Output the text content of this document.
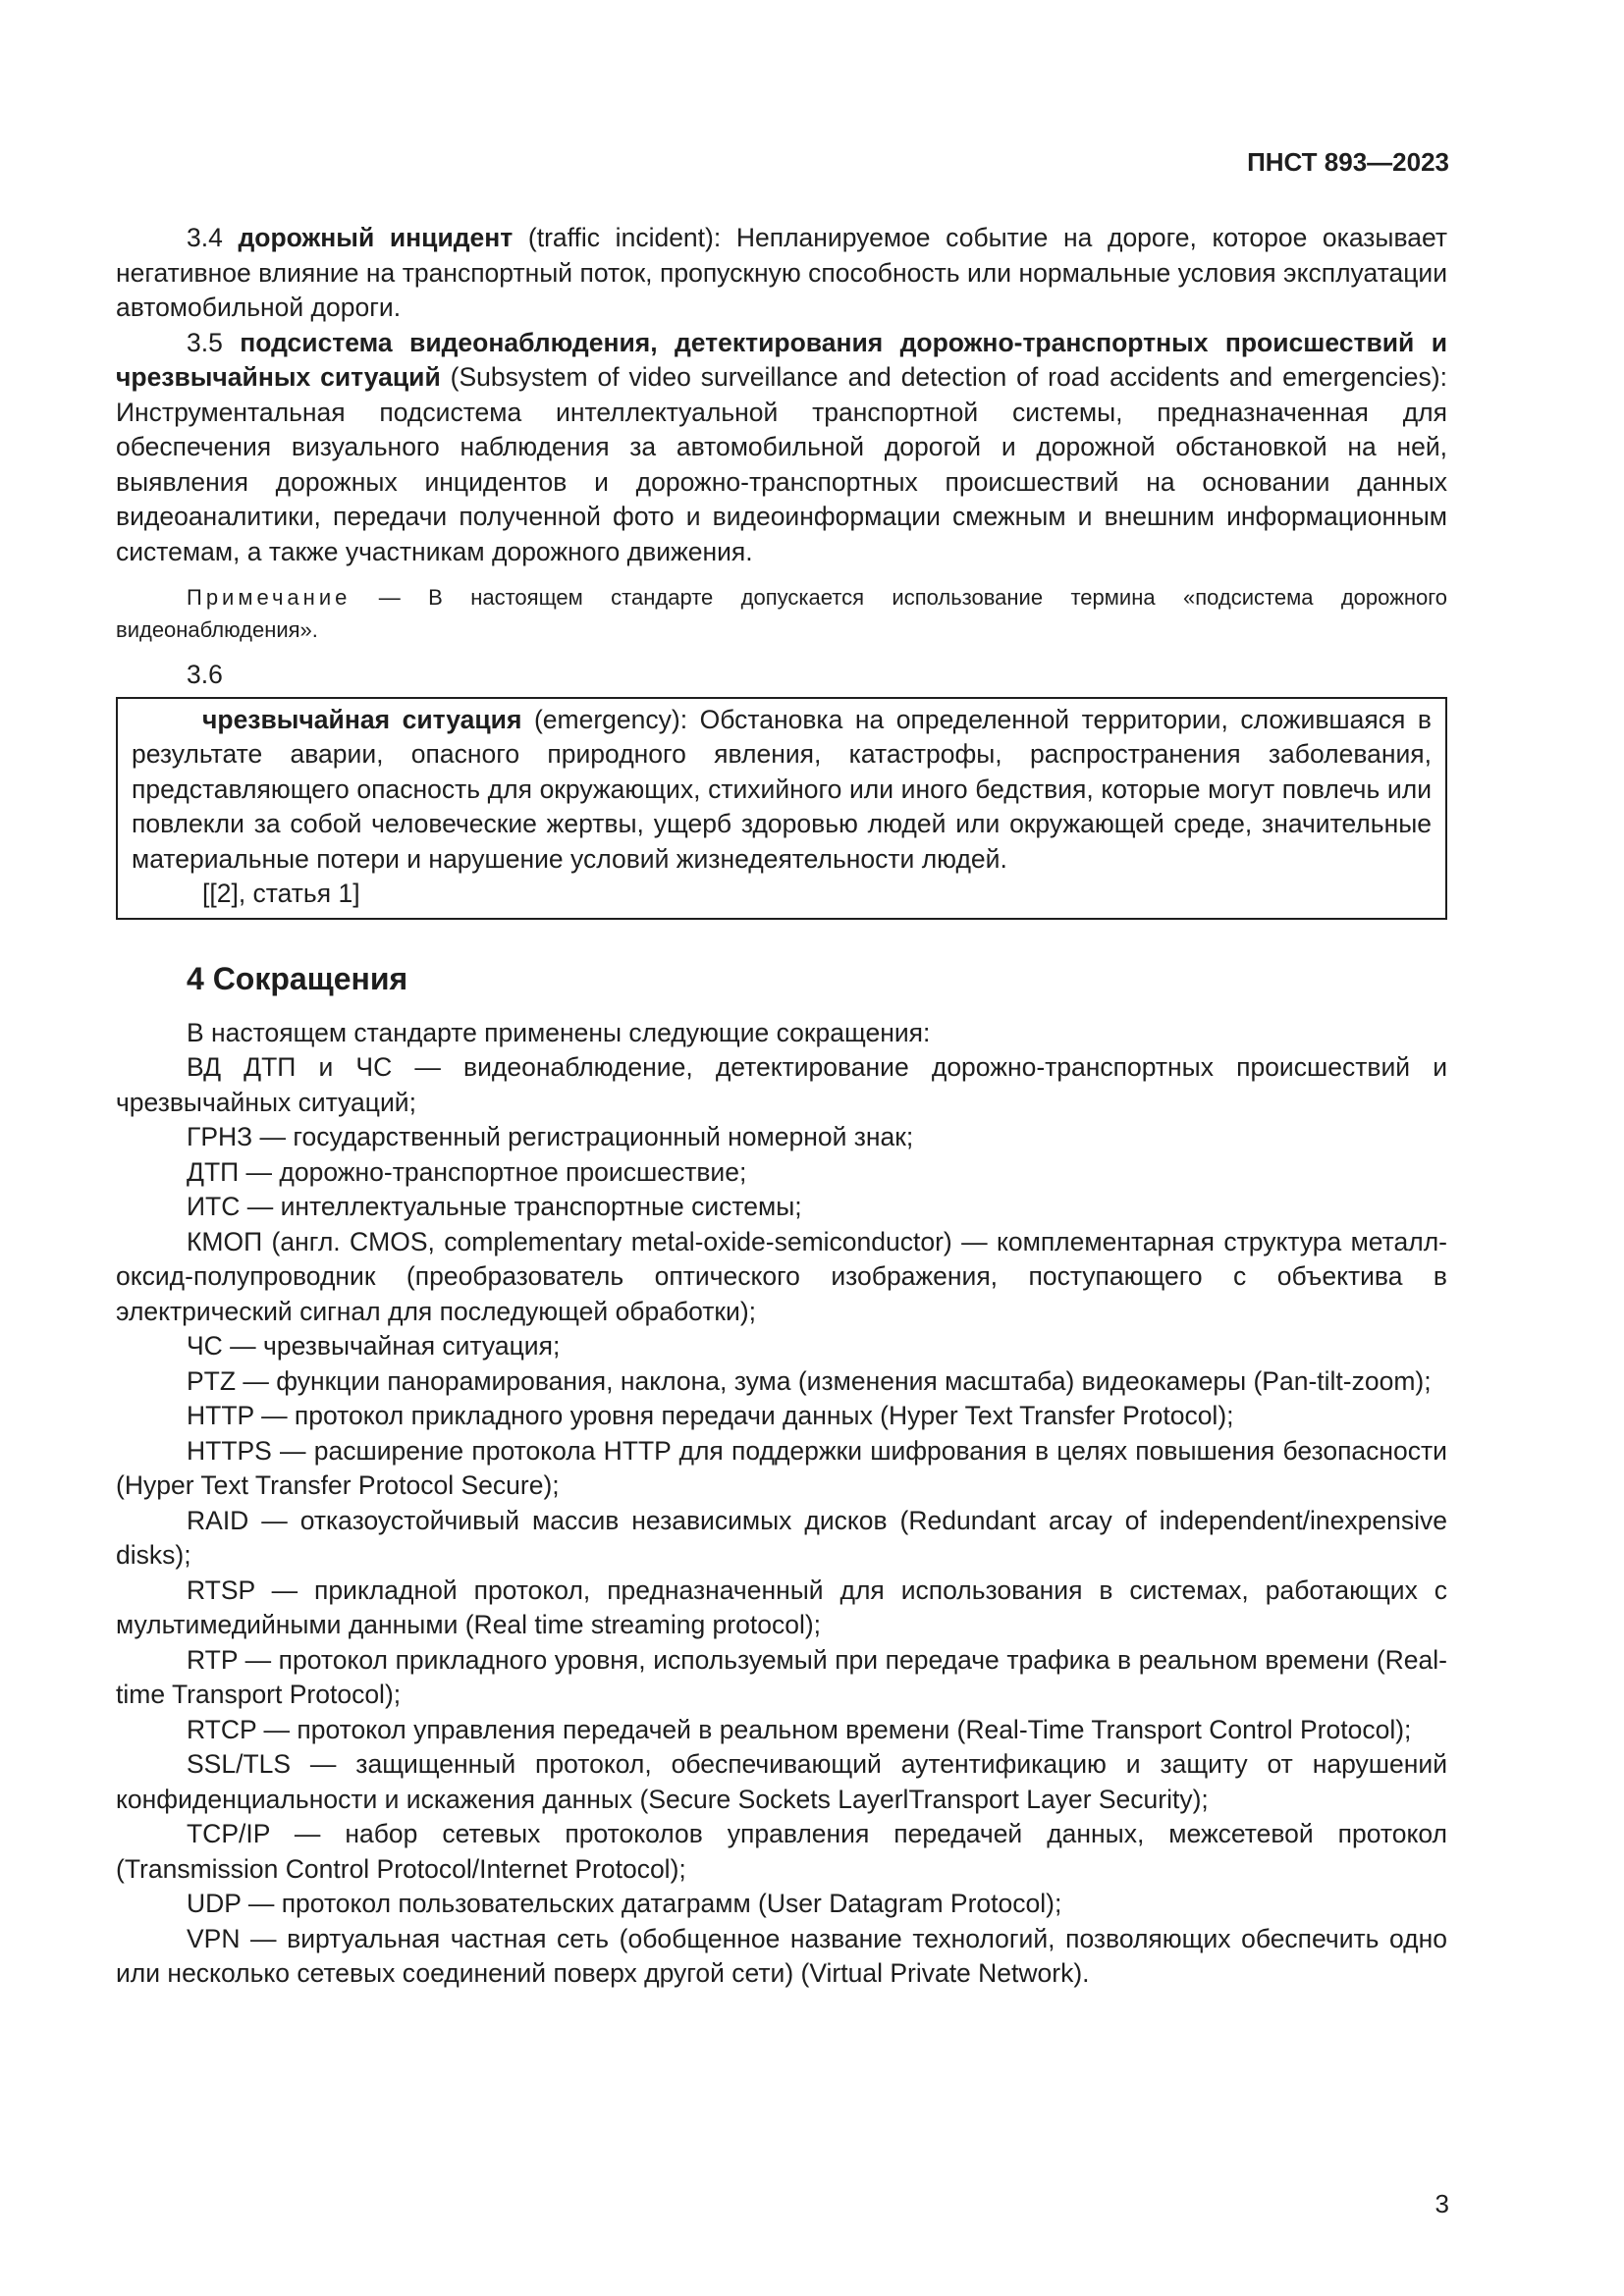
ПНСТ 893—2023

3.4 дорожный инцидент (traffic incident): Непланируемое событие на дороге, которое оказывает негативное влияние на транспортный поток, пропускную способность или нормальные условия эксплуатации автомобильной дороги.

3.5 подсистема видеонаблюдения, детектирования дорожно-транспортных происшествий и чрезвычайных ситуаций (Subsystem of video surveillance and detection of road accidents and emergencies): Инструментальная подсистема интеллектуальной транспортной системы, предназначенная для обеспечения визуального наблюдения за автомобильной дорогой и дорожной обстановкой на ней, выявления дорожных инцидентов и дорожно-транспортных происшествий на основании данных видеоаналитики, передачи полученной фото и видеоинформации смежным и внешним информационным системам, а также участникам дорожного движения.

Примечание — В настоящем стандарте допускается использование термина «подсистема дорожного видеонаблюдения».

3.6

чрезвычайная ситуация (emergency): Обстановка на определенной территории, сложившаяся в результате аварии, опасного природного явления, катастрофы, распространения заболевания, представляющего опасность для окружающих, стихийного или иного бедствия, которые могут повлечь или повлекли за собой человеческие жертвы, ущерб здоровью людей или окружающей среде, значительные материальные потери и нарушение условий жизнедеятельности людей.

[[2], статья 1]

4 Сокращения

В настоящем стандарте применены следующие сокращения:

ВД ДТП и ЧС — видеонаблюдение, детектирование дорожно-транспортных происшествий и чрезвычайных ситуаций;

ГРНЗ — государственный регистрационный номерной знак;

ДТП — дорожно-транспортное происшествие;

ИТС — интеллектуальные транспортные системы;

КМОП (англ. CMOS, complementary metal-oxide-semiconductor) — комплементарная структура металл-оксид-полупроводник (преобразователь оптического изображения, поступающего с объектива в электрический сигнал для последующей обработки);

ЧС — чрезвычайная ситуация;

PTZ — функции панорамирования, наклона, зума (изменения масштаба) видеокамеры (Pan-tilt-zoom);

HTTP — протокол прикладного уровня передачи данных (Hyper Text Transfer Protocol);

HTTPS — расширение протокола HTTP для поддержки шифрования в целях повышения безопасности (Hyper Text Transfer Protocol Secure);

RAID — отказоустойчивый массив независимых дисков (Redundant arcay of independent/inexpensive disks);

RTSP — прикладной протокол, предназначенный для использования в системах, работающих с мультимедийными данными (Real time streaming protocol);

RTP — протокол прикладного уровня, используемый при передаче трафика в реальном времени (Real-time Transport Protocol);

RTCP — протокол управления передачей в реальном времени (Real-Time Transport Control Protocol);

SSL/TLS — защищенный протокол, обеспечивающий аутентификацию и защиту от нарушений конфиденциальности и искажения данных (Secure Sockets LayerlTransport Layer Security);

TCP/IP — набор сетевых протоколов управления передачей данных, межсетевой протокол (Transmission Control Protocol/Internet Protocol);

UDP — протокол пользовательских датаграмм (User Datagram Protocol);

VPN — виртуальная частная сеть (обобщенное название технологий, позволяющих обеспечить одно или несколько сетевых соединений поверх другой сети) (Virtual Private Network).

3
